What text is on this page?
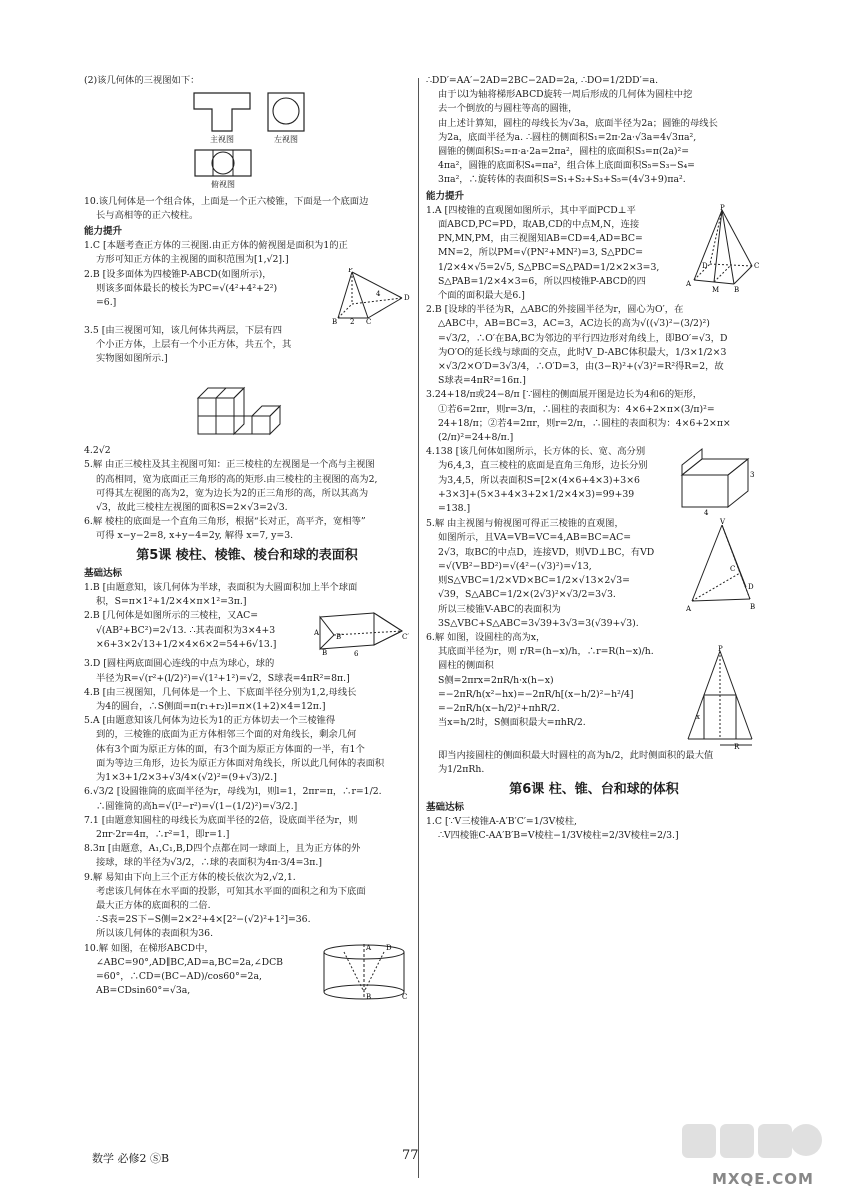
(2)该几何体的三视图如下：

主视图	左视图
俯视图

10.该几何体是一个组合体，上面是一个正六棱锥，下面是一个底面边

长与高相等的正六棱柱。

能力提升

1.C [本题考查正方体的三视图.由正方体的俯视图是面积为1的正

方形可知正方体的主视图的面积范围为[1,√2].]

2.B [设多面体为四棱锥P-ABCD(如图所示)，

则该多面体最长的棱长为PC=√(4²+4²+2²)

=6.]

P
B	C
D
4
2

3.5 [由三视图可知，该几何体共两层，下层有四

个小正方体，上层有一个小正方体，共五个，其

实物图如图所示.]

4.2√2

5.解 由正三棱柱及其主视图可知：正三棱柱的左视图是一个高与主视图

的高相同，宽为底面正三角形的高的矩形.由三棱柱的主视图的高为2,

可得其左视图的高为2，宽为边长为2的正三角形的高，所以其高为

√3，故此三棱柱左视图的面积S=2×√3=2√3.

6.解 棱柱的底面是一个直角三角形，根据“长对正，高平齐，宽相等”

可得 x−y−2=8, x+y−4=2y, 解得 x=7, y=3.

第5课 棱柱、棱锥、棱台和球的表面积

基础达标

1.B [由题意知，该几何体为半球，表面积为大圆面积加上半个球面

积，S=π×1²+1/2×4×π×1²=3π.]

2.B [几何体是如图所示的三棱柱，又AC=

√(AB²+BC²)=2√13. ∴其表面积为3×4+3

×6+3×2√13+1/2×4×6×2=54+6√13.]

A B′	C′
6
B

3.D [圆柱两底面圆心连线的中点为球心，球的

半径为R=√(r²+(l/2)²)=√(1²+1²)=√2，S球表=4πR²=8π.]

4.B [由三视图知，几何体是一个上、下底面半径分别为1,2,母线长

为4的圆台，∴S侧面=π(r₁+r₂)l=π×(1+2)×4=12π.]

5.A [由题意知该几何体为边长为1的正方体切去一个三棱锥得

到的，三棱锥的底面为正方体相邻三个面的对角线长，剩余几何

体有3个面为原正方体的面，有3个面为原正方体面的一半，有1个

面为等边三角形，边长为原正方体面对角线长，所以此几何体的表面积

为1×3+1/2×3+√3/4×(√2)²=(9+√3)/2.]

6.√3/2 [设圆锥筒的底面半径为r，母线为l，则l=1，2πr=π，∴r=1/2.

∴圆锥筒的高h=√(l²−r²)=√(1−(1/2)²)=√3/2.]

7.1 [由题意知圆柱的母线长为底面半径的2倍，设底面半径为r，则

2πr·2r=4π，∴r²=1，即r=1.]

8.3π [由题意，A₁,C₁,B,D四个点都在同一球面上，且为正方体的外

接球，球的半径为√3/2，∴球的表面积为4π·3/4=3π.]

9.解 易知由下向上三个正方体的棱长依次为2,√2,1.

考虑该几何体在水平面的投影，可知其水平面的面积之和为下底面

最大正方体的底面积的二倍.

∴S表=2S下−S侧=2×2²+4×[2²−(√2)²+1²]=36.

所以该几何体的表面积为36.

10.解 如图，在梯形ABCD中，

∠ABC=90°,AD∥BC,AD=a,BC=2a,∠DCB

=60°，∴CD=(BC−AD)/cos60°=2a,

AB=CDsin60°=√3a,

A D
B	C

∴DD′=AA′−2AD=2BC−2AD=2a, ∴DO=1/2DD′=a.

由于以l为轴将梯形ABCD旋转一周后形成的几何体为圆柱中挖

去一个倒放的与圆柱等高的圆锥，

由上述计算知，圆柱的母线长为√3a，底面半径为2a；圆锥的母线长

为2a，底面半径为a. ∴圆柱的侧面积S₁=2π·2a·√3a=4√3πa²,

圆锥的侧面积S₂=π·a·2a=2πa²，圆柱的底面积S₃=π(2a)²=

4πa²，圆锥的底面积S₄=πa²，组合体上底面面积S₅=S₃−S₄=

3πa²，∴旋转体的表面积S=S₁+S₂+S₃+S₅=(4√3+9)πa².

能力提升

1.A [四棱锥的直观图如图所示，其中平面PCD⊥平

面ABCD,PC=PD，取AB,CD的中点M,N，连接

PN,MN,PM，由三视图知AB=CD=4,AD=BC=

MN=2，所以PM=√(PN²+MN²)=3, S△PDC=

1/2×4×√5=2√5, S△PBC=S△PAD=1/2×2×3=3,

S△PAB=1/2×4×3=6，所以四棱锥P-ABCD的四

个面的面积最大是6.]

P
A
M B
C
D

2.B [设球的半径为R，△ABC的外接圆半径为r，圆心为O′，在

△ABC中，AB=BC=3，AC=3，AC边长的高为√((√3)²−(3/2)²)

=√3/2，∴O′在BA,BC为邻边的平行四边形对角线上，即BO′=√3，D

为O′O的延长线与球面的交点，此时V_D-ABC体积最大，1/3×1/2×3

×√3/2×O′D=3√3/4，∴O′D=3，由(3−R)²+(√3)²=R²得R=2，故

S球表=4πR²=16π.]

3.24+18/π或24−8/π [∵圆柱的侧面展开图是边长为4和6的矩形，

①若6=2πr，则r=3/π，∴圆柱的表面积为：4×6+2×π×(3/π)²=

24+18/π；②若4=2πr，则r=2/π，∴圆柱的表面积为：4×6+2×π×

(2/π)²=24+8/π.]

4.138 [该几何体如图所示，长方体的长、宽、高分别

为6,4,3，直三棱柱的底面是直角三角形，边长分别

为3,4,5，所以表面积S=[2×(4×6+4×3)+3×6

+3×3]+(5×3+4×3+2×1/2×4×3)=99+39

=138.]	4
3

5.解 由主视图与俯视图可得正三棱锥的直观图，

如图所示，且VA=VB=VC=4,AB=BC=AC=

2√3，取BC的中点D，连接VD，则VD⊥BC，有VD

=√(VB²−BD²)=√(4²−(√3)²)=√13,

则S△VBC=1/2×VD×BC=1/2×√13×2√3=

√39，S△ABC=1/2×(2√3)²×√3/2=3√3.

所以三棱锥V-ABC的表面积为

3S△VBC+S△ABC=3√39+3√3=3(√39+√3).

V
A	B
C
D

6.解 如图，设圆柱的高为x，

其底面半径为r，则 r/R=(h−x)/h，∴r=R(h−x)/h.

圆柱的侧面积

S侧=2πrx=2πR/h·x(h−x)

=−2πR/h(x²−hx)=−2πR/h[(x−h/2)²−h²/4]

=−2πR/h(x−h/2)²+πhR/2.

当x=h/2时，S侧面积最大=πhR/2.

P
x
R

即当内接圆柱的侧面积最大时圆柱的高为h/2，此时侧面积的最大值

为1/2πRh.

第6课 柱、锥、台和球的体积

基础达标

1.C [∵V三棱锥A-A′B′C′=1/3V棱柱,

∴V四棱锥C-AA′B′B=V棱柱−1/3V棱柱=2/3V棱柱=2/3.]

数学 必修2 ⓈB	77
MXQE.COM
